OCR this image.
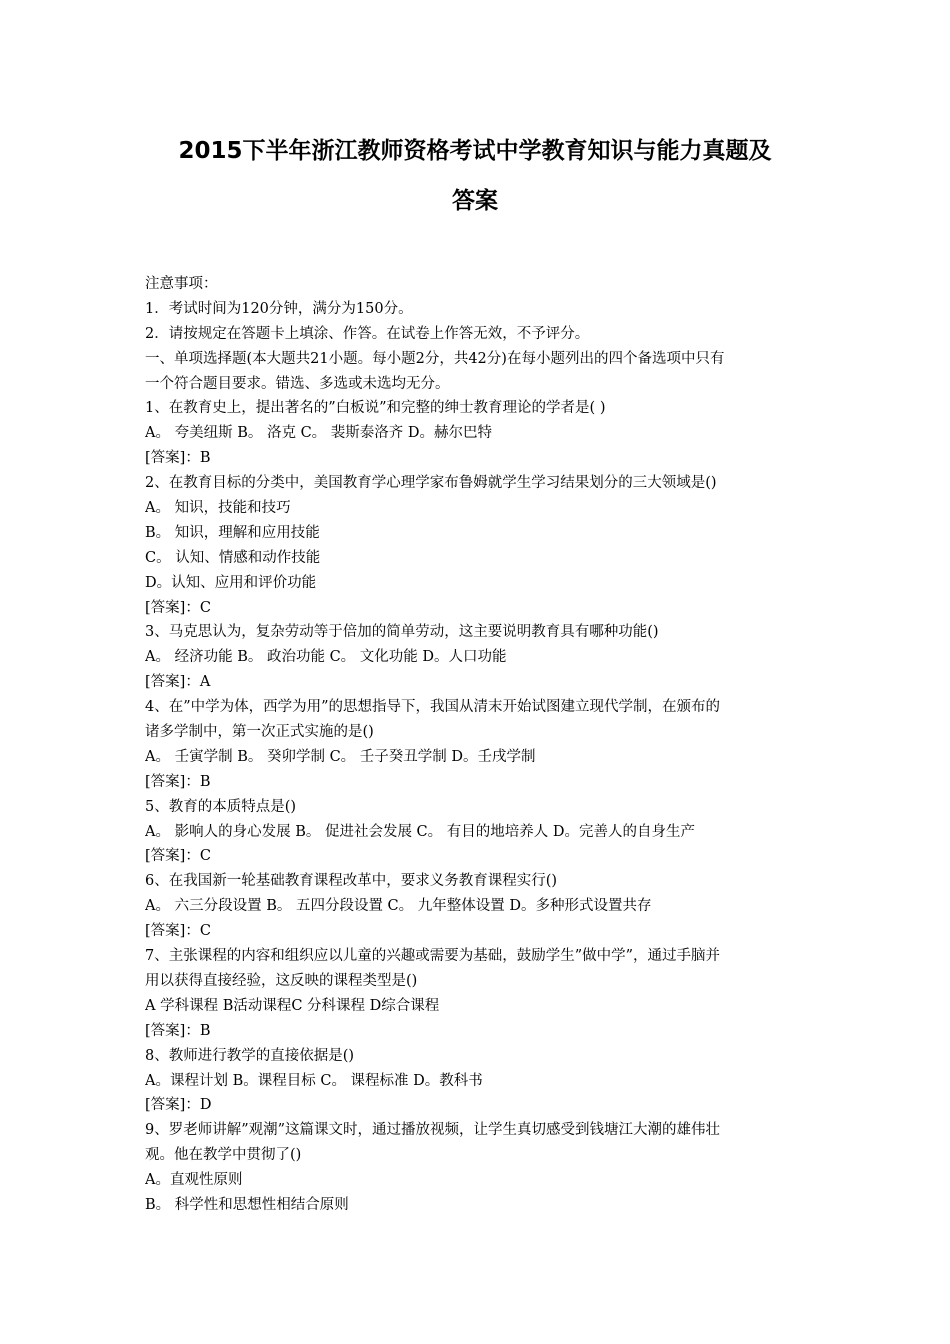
2015下半年浙江教师资格考试中学教育知识与能力真题及
答案

注意事项：

1．考试时间为120分钟，满分为150分。

2．请按规定在答题卡上填涂、作答。在试卷上作答无效，不予评分。

一、单项选择题(本大题共21小题。每小题2分，共42分)在每小题列出的四个备选项中只有

一个符合题目要求。错选、多选或未选均无分。

1、在教育史上，提出著名的”白板说”和完整的绅士教育理论的学者是( )

A。 夸美纽斯 B。 洛克 C。 裴斯泰洛齐 D。赫尔巴特

[答案]：B

2、在教育目标的分类中，美国教育学心理学家布鲁姆就学生学习结果划分的三大领域是()

A。 知识，技能和技巧

B。 知识，理解和应用技能

C。 认知、情感和动作技能

D。认知、应用和评价功能

[答案]：C

3、马克思认为，复杂劳动等于倍加的简单劳动，这主要说明教育具有哪种功能()

A。 经济功能 B。 政治功能 C。 文化功能 D。人口功能

[答案]：A

4、在”中学为体，西学为用”的思想指导下，我国从清末开始试图建立现代学制，在颁布的

诸多学制中，第一次正式实施的是()

A。 壬寅学制 B。 癸卯学制 C。 壬子癸丑学制 D。壬戌学制

[答案]：B

5、教育的本质特点是()

A。 影响人的身心发展 B。 促进社会发展 C。 有目的地培养人 D。完善人的自身生产

[答案]：C

6、在我国新一轮基础教育课程改革中，要求义务教育课程实行()

A。 六三分段设置 B。 五四分段设置 C。 九年整体设置 D。多种形式设置共存

[答案]：C

7、主张课程的内容和组织应以儿童的兴趣或需要为基础，鼓励学生”做中学”，通过手脑并

用以获得直接经验，这反映的课程类型是()

A 学科课程 B活动课程C 分科课程 D综合课程

[答案]：B

8、教师进行教学的直接依据是()

A。课程计划 B。课程目标 C。 课程标准 D。教科书

[答案]：D

9、罗老师讲解”观潮”这篇课文时，通过播放视频，让学生真切感受到钱塘江大潮的雄伟壮

观。他在教学中贯彻了()

A。直观性原则

B。 科学性和思想性相结合原则
